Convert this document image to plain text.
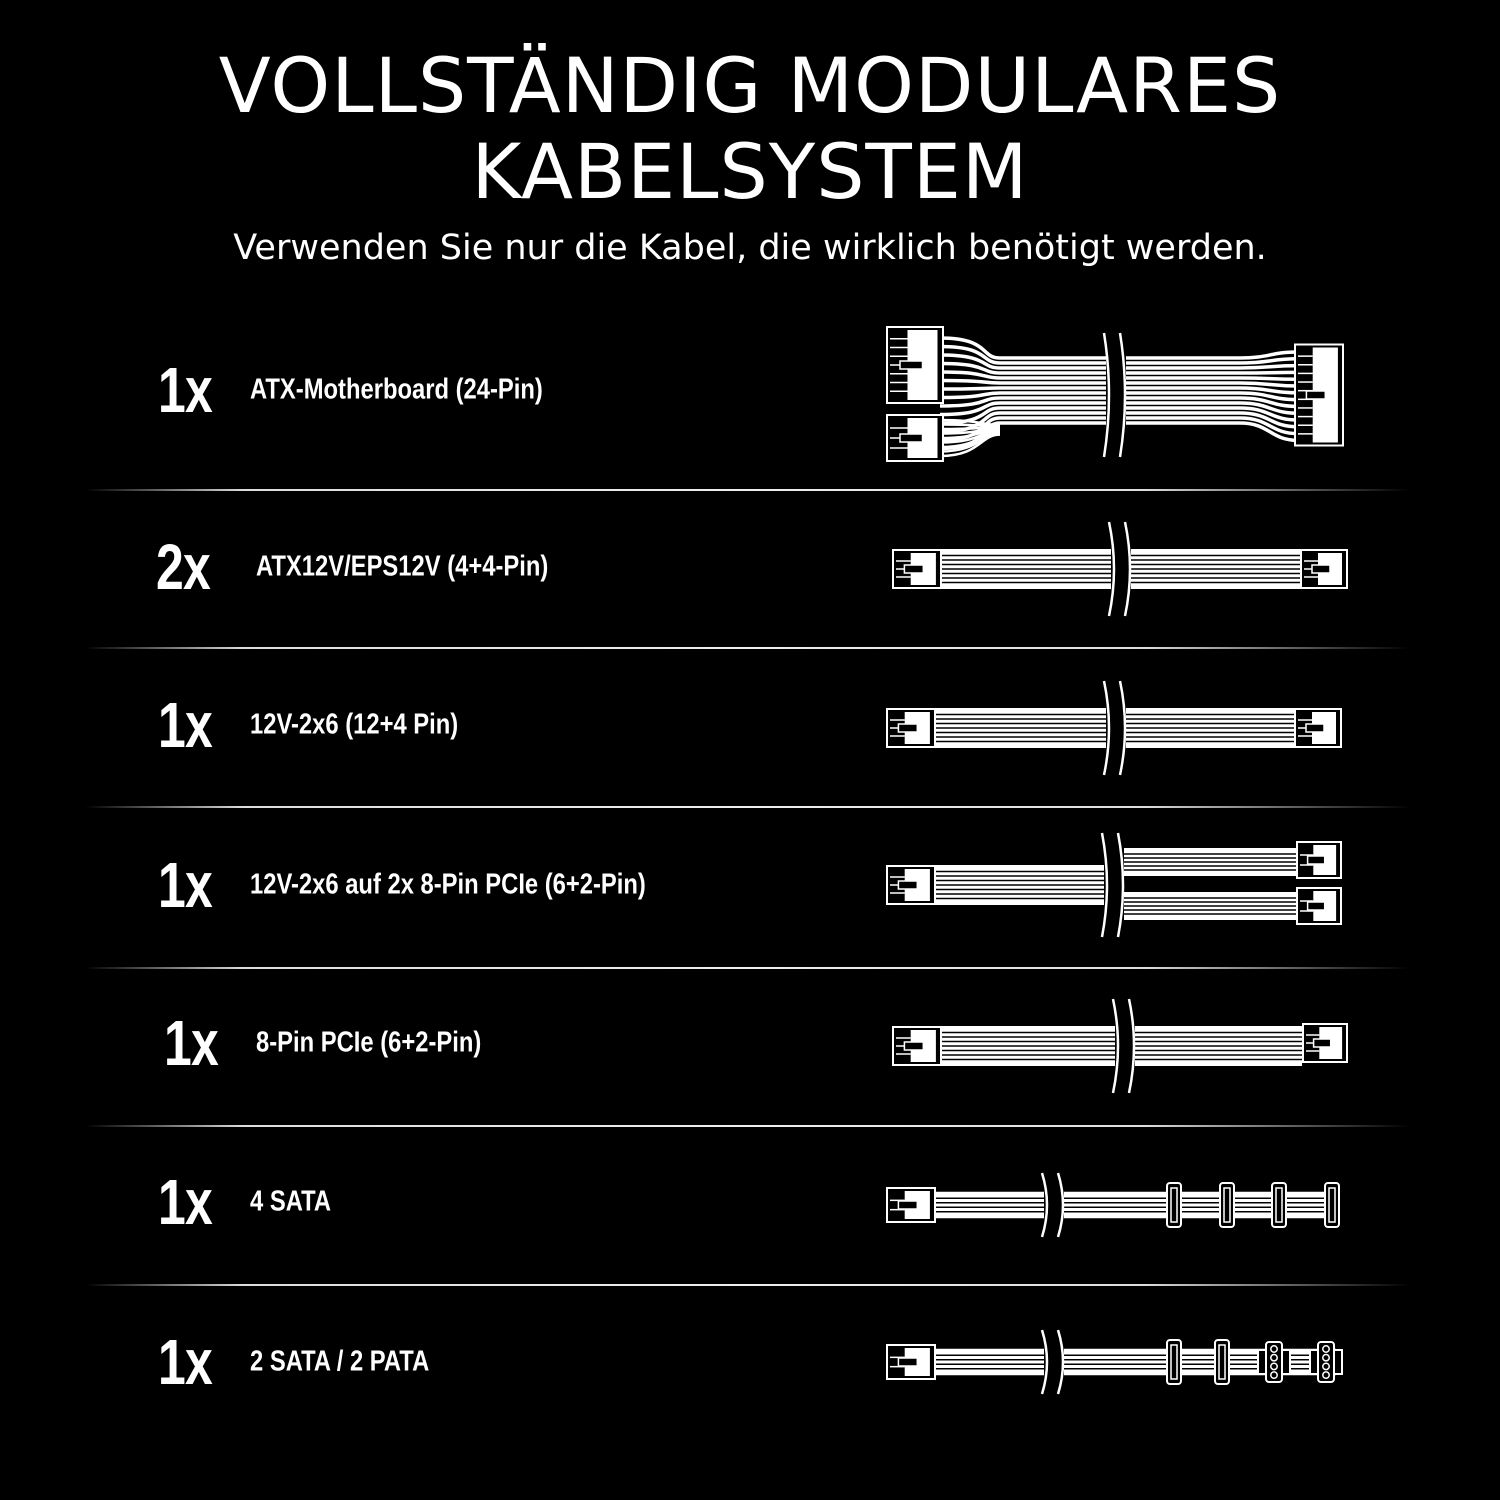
VOLLSTÄNDIG MODULARES
KABELSYSTEM
Verwenden Sie nur die Kabel, die wirklich benötigt werden.
1x ATX-Motherboard (24-Pin)
2x ATX12V/EPS12V (4+4-Pin)
1x 12V-2x6 (12+4 Pin)
1x 12V-2x6 auf 2x 8-Pin PCIe (6+2-Pin)
1x 8-Pin PCIe (6+2-Pin)
1x 4 SATA
1x 2 SATA / 2 PATA
